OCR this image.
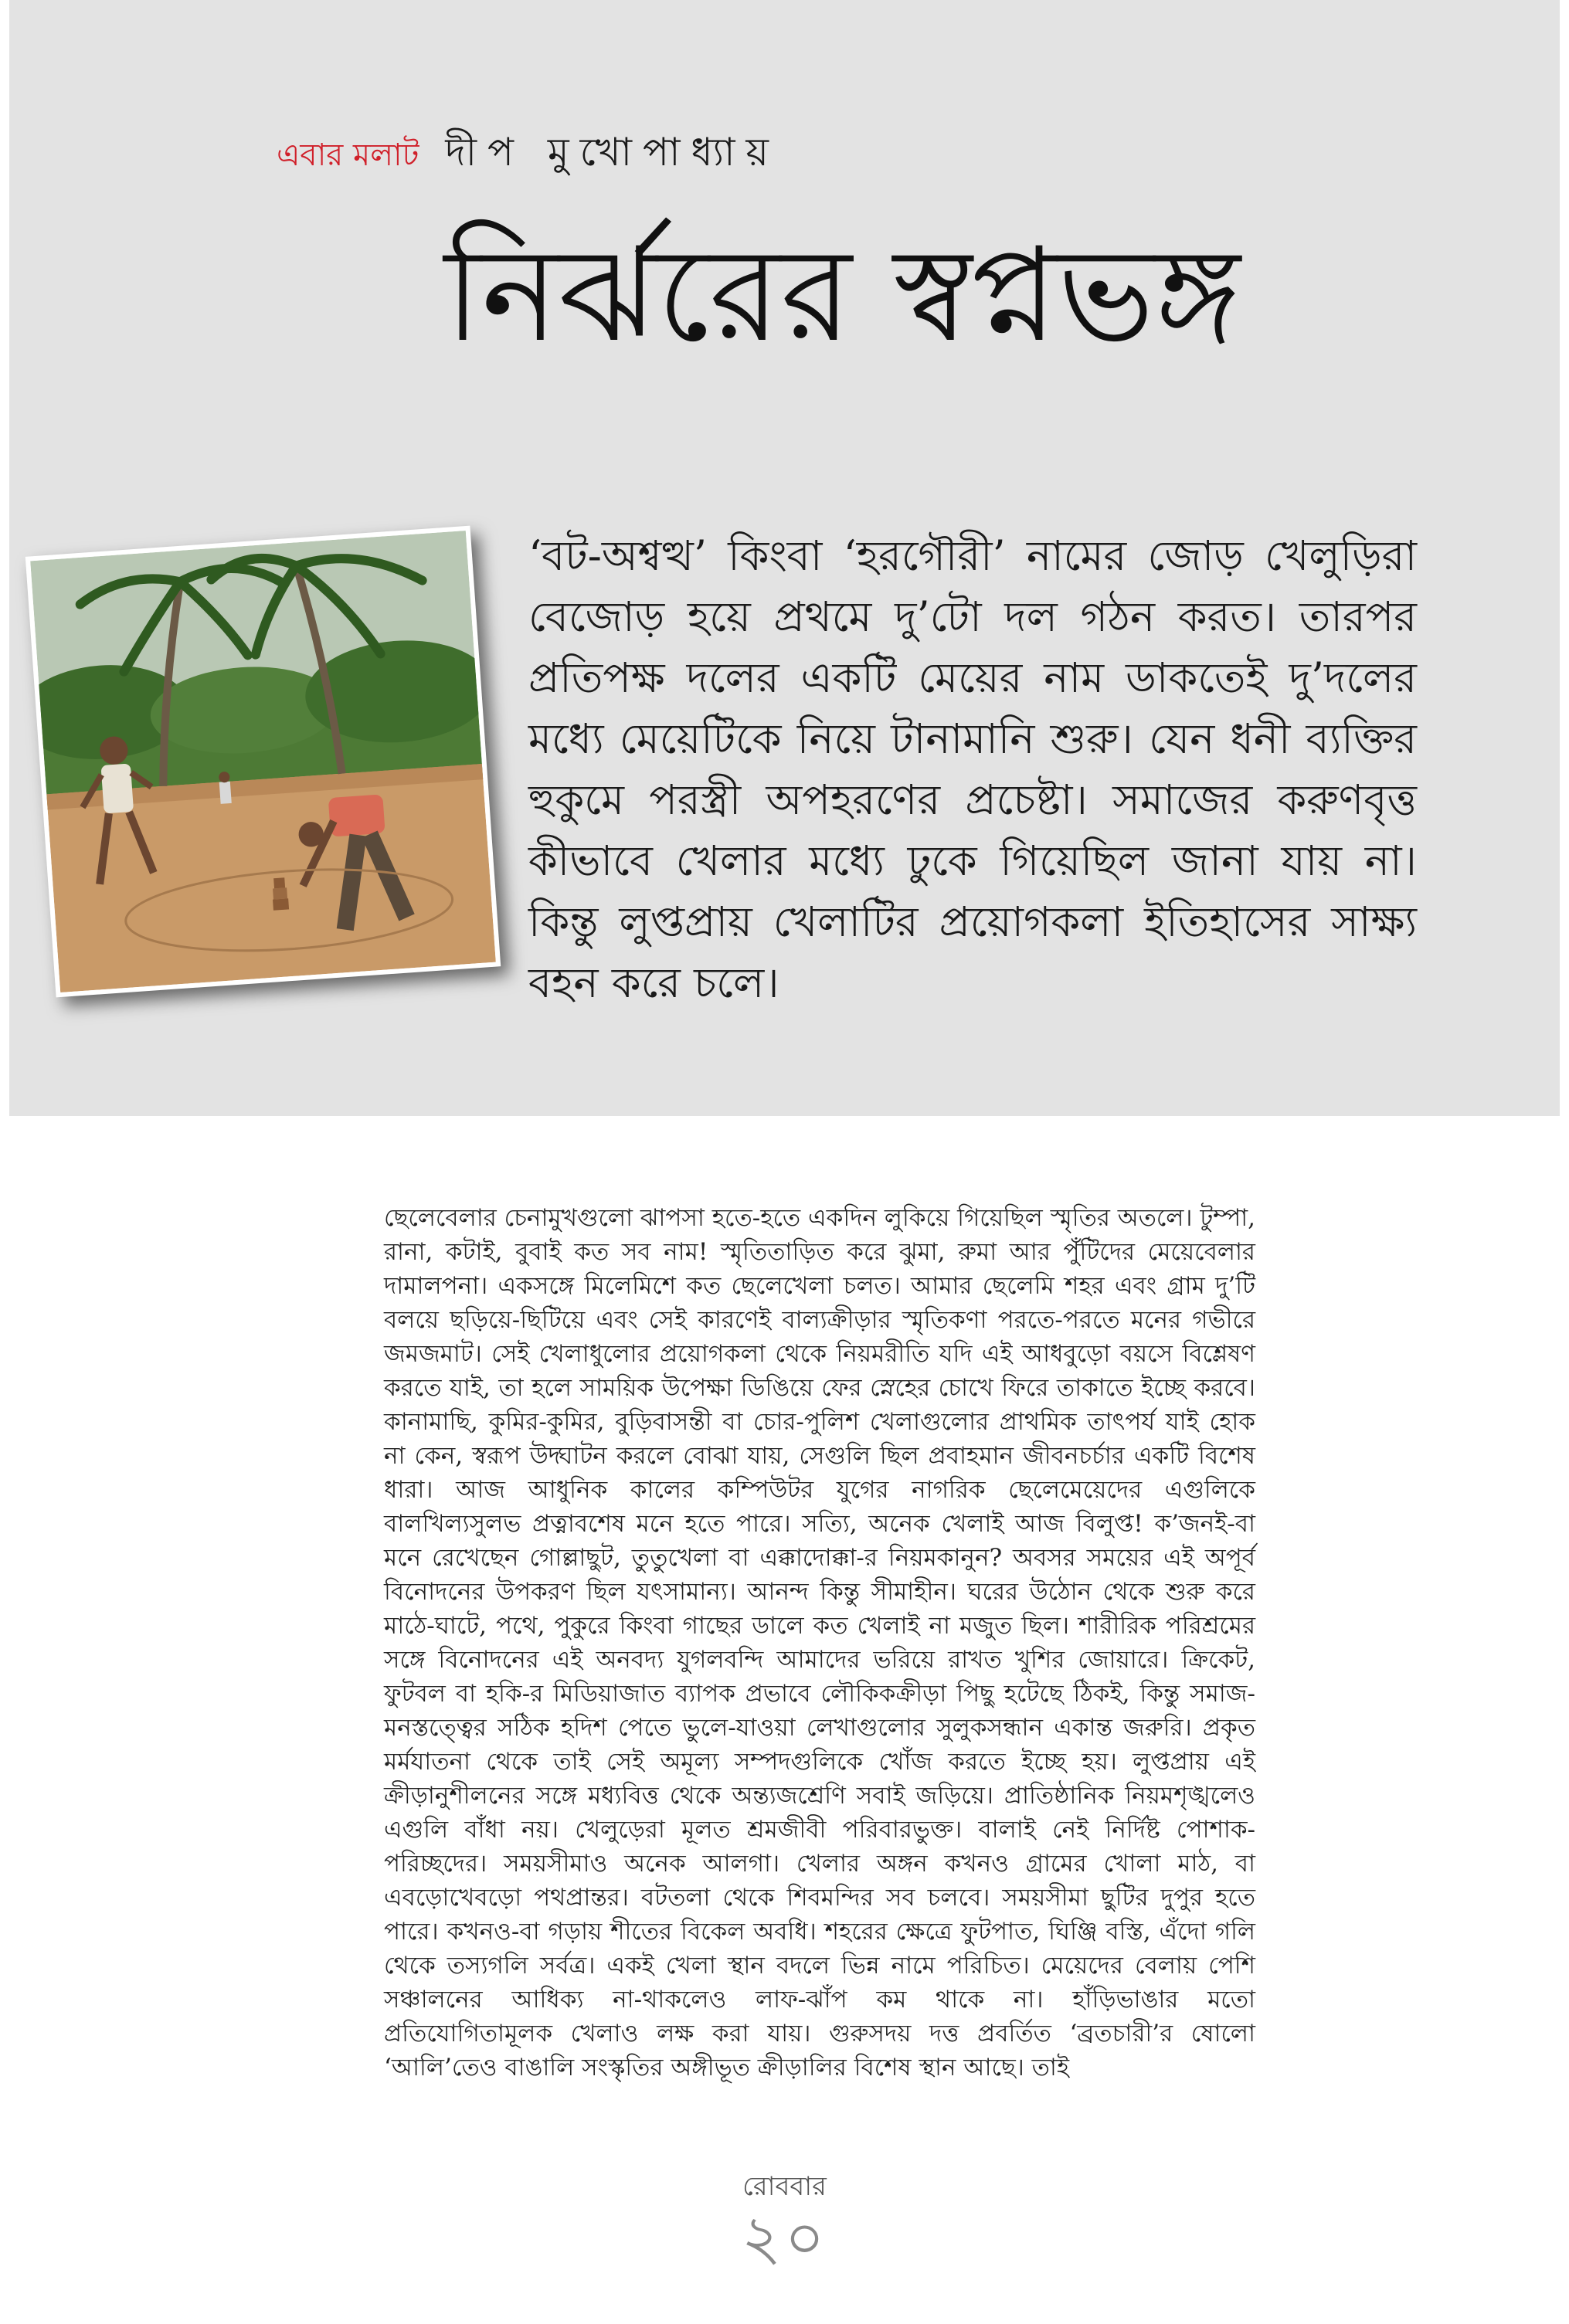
এবার মলাট দীপ মুখোপাধ্যায়
নির্ঝরের স্বপ্নভঙ্গ

‘বট-অশ্বত্থ’ কিংবা ‘হরগৌরী’ নামের জোড় খেলুড়িরা বেজোড় হয়ে প্রথমে দু’টো দল গঠন করত। তারপর প্রতিপক্ষ দলের একটি মেয়ের নাম ডাকতেই দু’দলের মধ্যে মেয়েটিকে নিয়ে টানামানি শুরু। যেন ধনী ব্যক্তির হুকুমে পরস্ত্রী অপহরণের প্রচেষ্টা। সমাজের করুণবৃত্ত কীভাবে খেলার মধ্যে ঢুকে গিয়েছিল জানা যায় না। কিন্তু লুপ্তপ্রায় খেলাটির প্রয়োগকলা ইতিহাসের সাক্ষ্য বহন করে চলে।

ছেলেবেলার চেনামুখগুলো ঝাপসা হতে-হতে একদিন লুকিয়ে গিয়েছিল স্মৃতির অতলে। টুম্পা, রানা, কটাই, বুবাই কত সব নাম! স্মৃতিতাড়িত করে ঝুমা, রুমা আর পুঁটিদের মেয়েবেলার দামালপনা। একসঙ্গে মিলেমিশে কত ছেলেখেলা চলত। আমার ছেলেমি শহর এবং গ্রাম দু’টি বলয়ে ছড়িয়ে-ছিটিয়ে এবং সেই কারণেই বাল্যক্রীড়ার স্মৃতিকণা পরতে-পরতে মনের গভীরে জমজমাট। সেই খেলাধুলোর প্রয়োগকলা থেকে নিয়মরীতি যদি এই আধবুড়ো বয়সে বিশ্লেষণ করতে যাই, তা হলে সাময়িক উপেক্ষা ডিঙিয়ে ফের স্নেহের চোখে ফিরে তাকাতে ইচ্ছে করবে। কানামাছি, কুমির-কুমির, বুড়িবাসন্তী বা চোর-পুলিশ খেলাগুলোর প্রাথমিক তাৎপর্য যাই হোক না কেন, স্বরূপ উদ্ঘাটন করলে বোঝা যায়, সেগুলি ছিল প্রবাহমান জীবনচর্চার একটি বিশেষ ধারা। আজ আধুনিক কালের কম্পিউটর যুগের নাগরিক ছেলেমেয়েদের এগুলিকে বালখিল্যসুলভ প্রত্নাবশেষ মনে হতে পারে। সত্যি, অনেক খেলাই আজ বিলুপ্ত! ক’জনই-বা মনে রেখেছেন গোল্লাছুট, তুতুখেলা বা এক্কাদোক্কা-র নিয়মকানুন? অবসর সময়ের এই অপূর্ব বিনোদনের উপকরণ ছিল যৎসামান্য। আনন্দ কিন্তু সীমাহীন। ঘরের উঠোন থেকে শুরু করে মাঠে-ঘাটে, পথে, পুকুরে কিংবা গাছের ডালে কত খেলাই না মজুত ছিল। শারীরিক পরিশ্রমের সঙ্গে বিনোদনের এই অনবদ্য যুগলবন্দি আমাদের ভরিয়ে রাখত খুশির জোয়ারে। ক্রিকেট, ফুটবল বা হকি-র মিডিয়াজাত ব্যাপক প্রভাবে লৌকিকক্রীড়া পিছু হটেছে ঠিকই, কিন্তু সমাজ-মনস্তত্ত্বের সঠিক হদিশ পেতে ভুলে-যাওয়া লেখাগুলোর সুলুকসন্ধান একান্ত জরুরি। প্রকৃত মর্মযাতনা থেকে তাই সেই অমূল্য সম্পদগুলিকে খোঁজ করতে ইচ্ছে হয়। লুপ্তপ্রায় এই ক্রীড়ানুশীলনের সঙ্গে মধ্যবিত্ত থেকে অন্ত্যজশ্রেণি সবাই জড়িয়ে। প্রাতিষ্ঠানিক নিয়মশৃঙ্খলেও এগুলি বাঁধা নয়। খেলুড়েরা মূলত শ্রমজীবী পরিবারভুক্ত। বালাই নেই নির্দিষ্ট পোশাক-পরিচ্ছদের। সময়সীমাও অনেক আলগা। খেলার অঙ্গন কখনও গ্রামের খোলা মাঠ, বা এবড়োখেবড়ো পথপ্রান্তর। বটতলা থেকে শিবমন্দির সব চলবে। সময়সীমা ছুটির দুপুর হতে পারে। কখনও-বা গড়ায় শীতের বিকেল অবধি। শহরের ক্ষেত্রে ফুটপাত, ঘিঞ্জি বস্তি, এঁদো গলি থেকে তস্যগলি সর্বত্র। একই খেলা স্থান বদলে ভিন্ন নামে পরিচিত। মেয়েদের বেলায় পেশি সঞ্চালনের আধিক্য না-থাকলেও লাফ-ঝাঁপ কম থাকে না। হাঁড়িভাঙার মতো প্রতিযোগিতামূলক খেলাও লক্ষ করা যায়। গুরুসদয় দত্ত প্রবর্তিত ‘ব্রতচারী’র ষোলো ‘আলি’তেও বাঙালি সংস্কৃতির অঙ্গীভূত ক্রীড়ালির বিশেষ স্থান আছে। তাই

রোববার
২০
